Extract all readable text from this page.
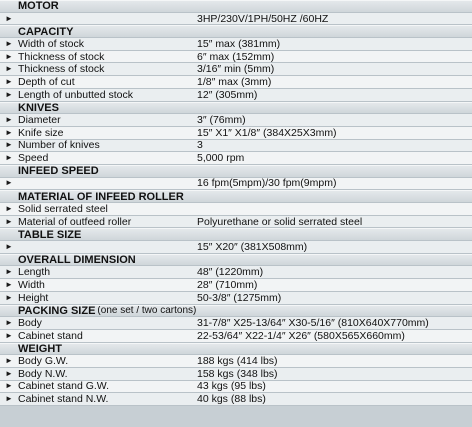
MOTOR
►	3HP/230V/1PH/50HZ /60HZ
CAPACITY
► Width of stock	15″ max (381mm)
► Thickness of stock	6″ max (152mm)
► Thickness of stock	3/16″ min (5mm)
► Depth of cut	1/8″ max (3mm)
► Length of unbutted stock	12″ (305mm)
KNIVES
► Diameter	3″ (76mm)
► Knife size	15″ X1″ X1/8″ (384X25X3mm)
► Number of knives	3
► Speed	5,000 rpm
INFEED SPEED
►	16 fpm(5mpm)/30 fpm(9mpm)
MATERIAL OF INFEED ROLLER
► Solid serrated steel
► Material of outfeed roller	Polyurethane or solid serrated steel
TABLE SIZE
►	15″ X20″ (381X508mm)
OVERALL DIMENSION
► Length	48″ (1220mm)
► Width	28″ (710mm)
► Height	50-3/8″ (1275mm)
PACKING SIZE (one set / two cartons)
► Body	31-7/8″ X25-13/64″ X30-5/16″ (810X640X770mm)
► Cabinet stand	22-53/64″ X22-1/4″ X26″ (580X565X660mm)
WEIGHT
► Body G.W.	188 kgs (414 lbs)
► Body N.W.	158 kgs (348 lbs)
► Cabinet stand G.W.	43 kgs (95 lbs)
► Cabinet stand N.W.	40 kgs (88 lbs)
